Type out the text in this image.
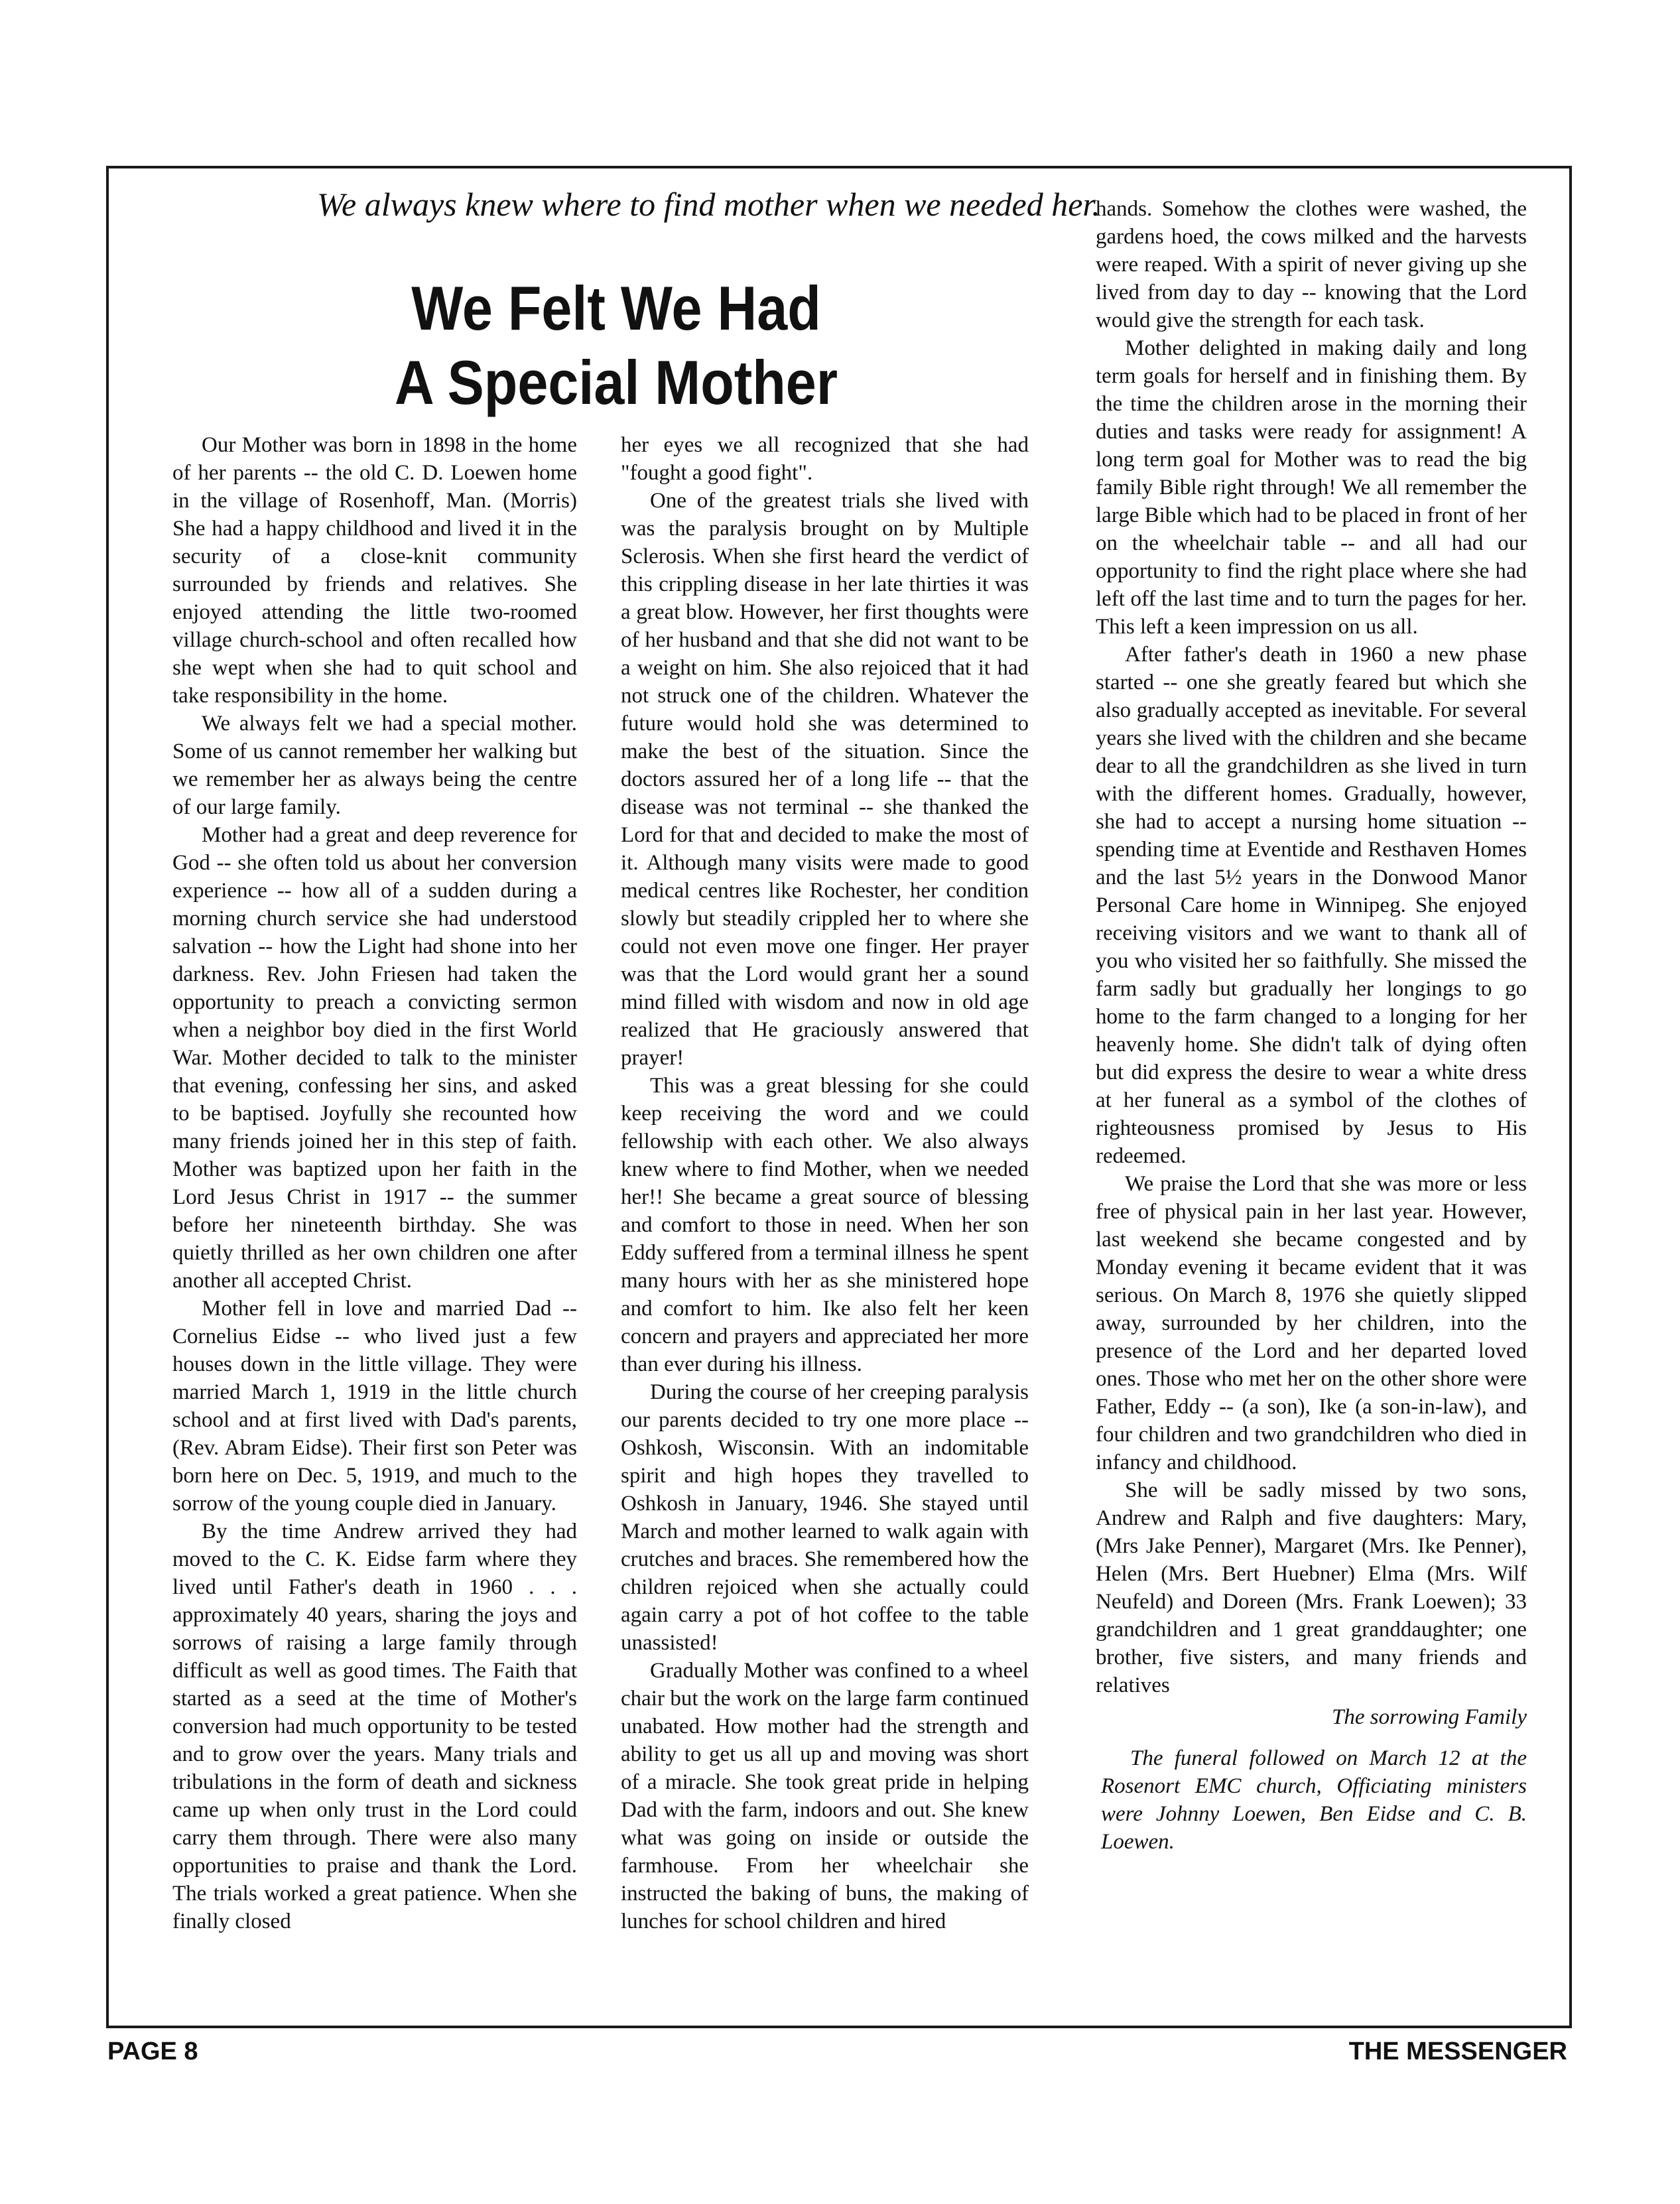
We always knew where to find mother when we needed her.

We Felt We Had
A Special Mother

Our Mother was born in 1898 in the home of her parents -- the old C. D. Loewen home in the village of Rosenhoff, Man. (Morris) She had a happy childhood and lived it in the security of a close-knit community surrounded by friends and relatives. She enjoyed attending the little two-roomed village church-school and often recalled how she wept when she had to quit school and take responsibility in the home.

We always felt we had a special mother. Some of us cannot remember her walking but we remember her as always being the centre of our large family.

Mother had a great and deep reverence for God -- she often told us about her conversion experience -- how all of a sudden during a morning church service she had understood salvation -- how the Light had shone into her darkness. Rev. John Friesen had taken the opportunity to preach a convicting sermon when a neighbor boy died in the first World War. Mother decided to talk to the minister that evening, confessing her sins, and asked to be baptised. Joyfully she recounted how many friends joined her in this step of faith. Mother was baptized upon her faith in the Lord Jesus Christ in 1917 -- the summer before her nineteenth birthday. She was quietly thrilled as her own children one after another all accepted Christ.

Mother fell in love and married Dad -- Cornelius Eidse -- who lived just a few houses down in the little village. They were married March 1, 1919 in the little church school and at first lived with Dad's parents, (Rev. Abram Eidse). Their first son Peter was born here on Dec. 5, 1919, and much to the sorrow of the young couple died in January.

By the time Andrew arrived they had moved to the C. K. Eidse farm where they lived until Father's death in 1960 . . . approximately 40 years, sharing the joys and sorrows of raising a large family through difficult as well as good times. The Faith that started as a seed at the time of Mother's conversion had much opportunity to be tested and to grow over the years. Many trials and tribulations in the form of death and sickness came up when only trust in the Lord could carry them through. There were also many opportunities to praise and thank the Lord. The trials worked a great patience. When she finally closed

her eyes we all recognized that she had "fought a good fight".

One of the greatest trials she lived with was the paralysis brought on by Multiple Sclerosis. When she first heard the verdict of this crippling disease in her late thirties it was a great blow. However, her first thoughts were of her husband and that she did not want to be a weight on him. She also rejoiced that it had not struck one of the children. Whatever the future would hold she was determined to make the best of the situation. Since the doctors assured her of a long life -- that the disease was not terminal -- she thanked the Lord for that and decided to make the most of it. Although many visits were made to good medical centres like Rochester, her condition slowly but steadily crippled her to where she could not even move one finger. Her prayer was that the Lord would grant her a sound mind filled with wisdom and now in old age realized that He graciously answered that prayer!

This was a great blessing for she could keep receiving the word and we could fellowship with each other. We also always knew where to find Mother, when we needed her!! She became a great source of blessing and comfort to those in need. When her son Eddy suffered from a terminal illness he spent many hours with her as she ministered hope and comfort to him. Ike also felt her keen concern and prayers and appreciated her more than ever during his illness.

During the course of her creeping paralysis our parents decided to try one more place -- Oshkosh, Wisconsin. With an indomitable spirit and high hopes they travelled to Oshkosh in January, 1946. She stayed until March and mother learned to walk again with crutches and braces. She remembered how the children rejoiced when she actually could again carry a pot of hot coffee to the table unassisted!

Gradually Mother was confined to a wheel chair but the work on the large farm continued unabated. How mother had the strength and ability to get us all up and moving was short of a miracle. She took great pride in helping Dad with the farm, indoors and out. She knew what was going on inside or outside the farmhouse. From her wheelchair she instructed the baking of buns, the making of lunches for school children and hired

hands. Somehow the clothes were washed, the gardens hoed, the cows milked and the harvests were reaped. With a spirit of never giving up she lived from day to day -- knowing that the Lord would give the strength for each task.

Mother delighted in making daily and long term goals for herself and in finishing them. By the time the children arose in the morning their duties and tasks were ready for assignment! A long term goal for Mother was to read the big family Bible right through! We all remember the large Bible which had to be placed in front of her on the wheelchair table -- and all had our opportunity to find the right place where she had left off the last time and to turn the pages for her. This left a keen impression on us all.

After father's death in 1960 a new phase started -- one she greatly feared but which she also gradually accepted as inevitable. For several years she lived with the children and she became dear to all the grandchildren as she lived in turn with the different homes. Gradually, however, she had to accept a nursing home situation -- spending time at Eventide and Resthaven Homes and the last 5½ years in the Donwood Manor Personal Care home in Winnipeg. She enjoyed receiving visitors and we want to thank all of you who visited her so faithfully. She missed the farm sadly but gradually her longings to go home to the farm changed to a longing for her heavenly home. She didn't talk of dying often but did express the desire to wear a white dress at her funeral as a symbol of the clothes of righteousness promised by Jesus to His redeemed.

We praise the Lord that she was more or less free of physical pain in her last year. However, last weekend she became congested and by Monday evening it became evident that it was serious. On March 8, 1976 she quietly slipped away, surrounded by her children, into the presence of the Lord and her departed loved ones. Those who met her on the other shore were Father, Eddy -- (a son), Ike (a son-in-law), and four children and two grandchildren who died in infancy and childhood.

She will be sadly missed by two sons, Andrew and Ralph and five daughters: Mary, (Mrs Jake Penner), Margaret (Mrs. Ike Penner), Helen (Mrs. Bert Huebner) Elma (Mrs. Wilf Neufeld) and Doreen (Mrs. Frank Loewen); 33 grandchildren and 1 great granddaughter; one brother, five sisters, and many friends and relatives

The sorrowing Family
The funeral followed on March 12 at the Rosenort EMC church, Officiating ministers were Johnny Loewen, Ben Eidse and C. B. Loewen.
PAGE 8	THE MESSENGER
